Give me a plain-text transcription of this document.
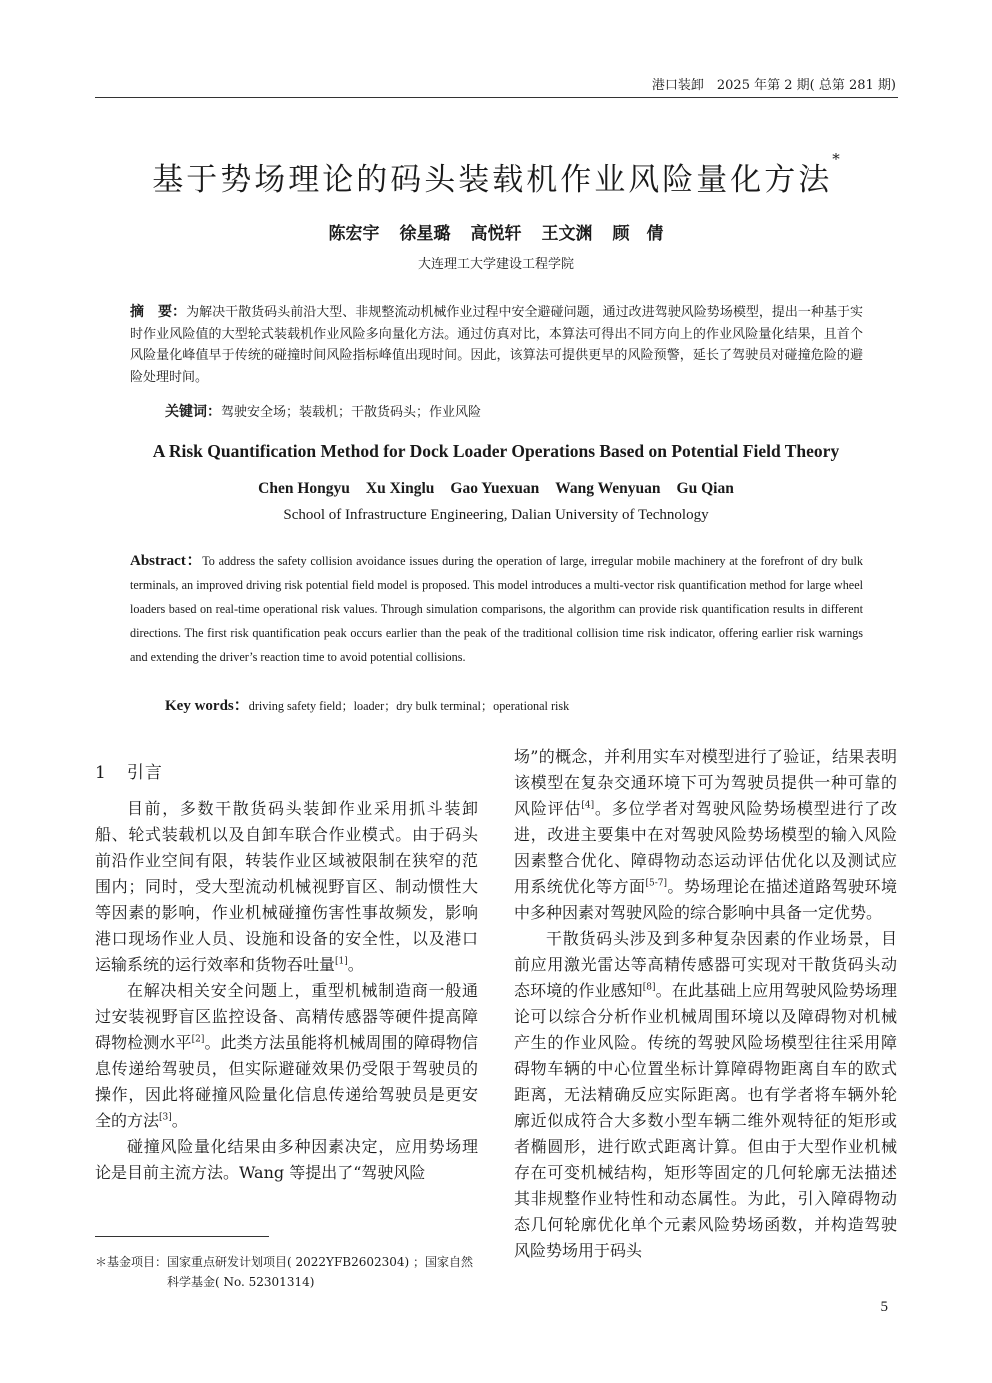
港口装卸　2025 年第 2 期( 总第 281 期)
基于势场理论的码头装载机作业风险量化方法*
陈宏宇 徐星璐 高悦轩 王文渊 顾　倩
大连理工大学建设工程学院
摘　要：为解决干散货码头前沿大型、非规整流动机械作业过程中安全避碰问题，通过改进驾驶风险势场模型，提出一种基于实时作业风险值的大型轮式装载机作业风险多向量化方法。通过仿真对比，本算法可得出不同方向上的作业风险量化结果，且首个风险量化峰值早于传统的碰撞时间风险指标峰值出现时间。因此，该算法可提供更早的风险预警，延长了驾驶员对碰撞危险的避险处理时间。
关键词：驾驶安全场；装载机；干散货码头；作业风险
A Risk Quantification Method for Dock Loader Operations Based on Potential Field Theory
Chen Hongyu Xu Xinglu Gao Yuexuan Wang Wenyuan Gu Qian
School of Infrastructure Engineering, Dalian University of Technology
Abstract：To address the safety collision avoidance issues during the operation of large, irregular mobile machinery at the forefront of dry bulk terminals, an improved driving risk potential field model is proposed. This model introduces a multi-vector risk quantification method for large wheel loaders based on real-time operational risk values. Through simulation comparisons, the algorithm can provide risk quantification results in different directions. The first risk quantification peak occurs earlier than the peak of the traditional collision time risk indicator, offering earlier risk warnings and extending the driver’s reaction time to avoid potential collisions.
Key words：driving safety field；loader；dry bulk terminal；operational risk
1 引言

目前，多数干散货码头装卸作业采用抓斗装卸船、轮式装载机以及自卸车联合作业模式。由于码头前沿作业空间有限，转装作业区域被限制在狭窄的范围内；同时，受大型流动机械视野盲区、制动惯性大等因素的影响，作业机械碰撞伤害性事故频发，影响港口现场作业人员、设施和设备的安全性，以及港口运输系统的运行效率和货物吞吐量[1]。

在解决相关安全问题上，重型机械制造商一般通过安装视野盲区监控设备、高精传感器等硬件提高障碍物检测水平[2]。此类方法虽能将机械周围的障碍物信息传递给驾驶员，但实际避碰效果仍受限于驾驶员的操作，因此将碰撞风险量化信息传递给驾驶员是更安全的方法[3]。

碰撞风险量化结果由多种因素决定，应用势场理论是目前主流方法。Wang 等提出了“驾驶风险

场”的概念，并利用实车对模型进行了验证，结果表明该模型在复杂交通环境下可为驾驶员提供一种可靠的风险评估[4]。多位学者对驾驶风险势场模型进行了改进，改进主要集中在对驾驶风险势场模型的输入风险因素整合优化、障碍物动态运动评估优化以及测试应用系统优化等方面[5-7]。势场理论在描述道路驾驶环境中多种因素对驾驶风险的综合影响中具备一定优势。

干散货码头涉及到多种复杂因素的作业场景，目前应用激光雷达等高精传感器可实现对干散货码头动态环境的作业感知[8]。在此基础上应用驾驶风险势场理论可以综合分析作业机械周围环境以及障碍物对机械产生的作业风险。传统的驾驶风险场模型往往采用障碍物车辆的中心位置坐标计算障碍物距离自车的欧式距离，无法精确反应实际距离。也有学者将车辆外轮廓近似成符合大多数小型车辆二维外观特征的矩形或者椭圆形，进行欧式距离计算。但由于大型作业机械存在可变机械结构，矩形等固定的几何轮廓无法描述其非规整作业特性和动态属性。为此，引入障碍物动态几何轮廓优化单个元素风险势场函数，并构造驾驶风险势场用于码头

＊基金项目：国家重点研发计划项目( 2022YFB2602304) ；国家自然
科学基金( No. 52301314)
5
